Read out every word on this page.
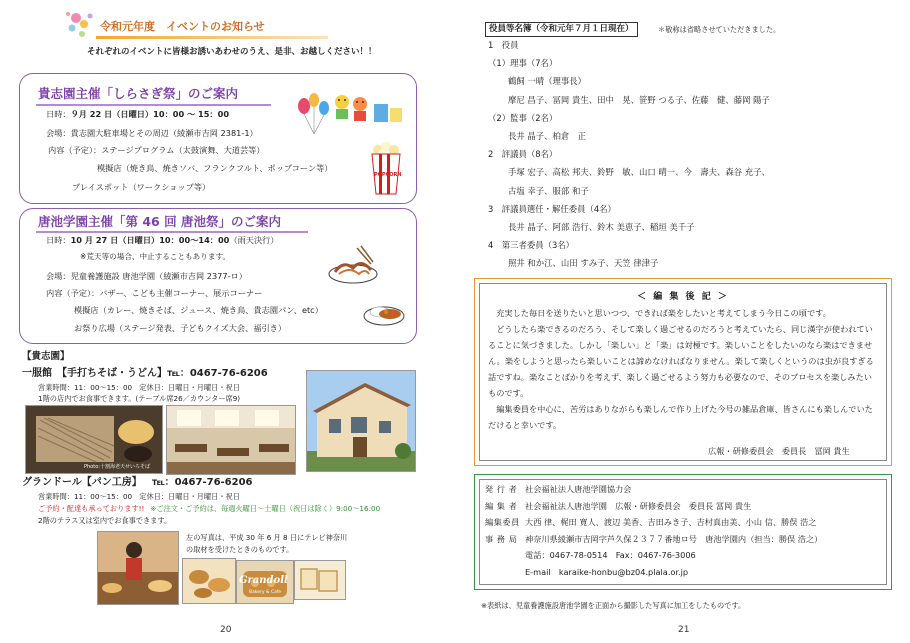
令和元年度　イベントのお知らせ
それぞれのイベントに皆様お誘いあわせのうえ、是非、お越しください！！
貴志園主催「しらさぎ祭」のご案内
日時：９月 22 日（日曜日）10：00 ～ 15：00
会場：貴志園大駐車場とその周辺（綾瀬市吉岡 2381-1）
内容（予定）：ステージプログラム（太鼓演舞、大道芸等）
模擬店（焼き鳥、焼きソバ、フランクフルト、ポップコーン等）
プレイスポット（ワークショップ等）
POPCORN
唐池学園主催「第 46 回 唐池祭」のご案内
日時：10 月 27 日（日曜日）10：00～14：00（雨天決行）
※荒天等の場合、中止することもあります。
会場：児童養護施設 唐池学園（綾瀬市吉岡 2377-ロ）
内容（予定）：バザー、こども主催コーナー、展示コーナー
模擬店（カレー、焼きそば、ジュース、焼き鳥、貴志園パン、etc）
お祭り広場（ステージ発表、子どもクイズ大会、福引き）
【貴志園】
一服館　【手打ちそば・うどん】℡：0467-76-6206
営業時間：11：00～15：00　定休日：日曜日・月曜日・祝日
1階の店内でお食事できます。(テーブル席26／カウンター席9)
Photo:十割海老天せいろそば
グランドール【パン工房】 ℡：0467-76-6206
営業時間：11：00～15：00　定休日：日曜日・月曜日・祝日
ご予約・配達も承っております!! ※ご注文・ご予約は、毎週火曜日～土曜日（祝日は除く）9:00～16:00
2階のテラス又は室内でお食事できます。
左の写真は、平成 30 年 6 月 8 日にテレビ神奈川
の取材を受けたときのものです。
Grandoll
Bakery & Cafe
20
役員等名簿（令和元年７月１日現在）	＊敬称は省略させていただきました。
1　役員
（1）理事（7名）
鶴飼 一晴（理事長）
摩尼 昌子、冨岡 貴生、田中　晃、笹野 つる子、佐藤　健、藤岡 陽子
（2）監事（2名）
長井 晶子、柏倉　正
2　評議員（8名）
手塚 宏子、高松 邦夫、鈴野　敏、山口 晴一、今　壽夫、森谷 充子、
古塩 幸子、服部 和子
3　評議員選任・解任委員（4名）
長井 晶子、阿部 浩行、鈴木 美恵子、稲垣 美千子
4　第三者委員（3名）
照井 和か江、山田 すみ子、天笠 律津子
＜ 編 集 後 記 ＞

充実した毎日を送りたいと思いつつ、できれば楽をしたいと考えてしまう今日この頃です。

どうしたら楽できるのだろう、そして楽しく過ごせるのだろうと考えていたら、同じ漢字が使われていることに気づきました。しかし「楽しい」と「楽」は対極です。楽しいことをしたいのなら楽はできません。楽をしようと思ったら楽しいことは諦めなければなりません。楽して楽しくというのは虫が良すぎる話ですね。楽なことばかりを考えず、楽しく過ごせるよう努力も必要なので、そのプロセスを楽しみたいものです。

編集委員を中心に、苦労はありながらも楽しんで作り上げた今号の雑品倉庫、皆さんにも楽しんでいただけると幸いです。

広報・研修委員会　委員長　冨岡 貴生
発 行 者 社会福祉法人唐池学園協力会
編 集 者 社会福祉法人唐池学園　広報・研修委員会　委員長 冨岡 貴生
編集委員 大西 律、梶田 寛人、渡辺 美香、吉田みき子、吉村真由美、小山 信、勝俣 浩之
事 務 局 神奈川県綾瀬市吉岡字芦久保２３７７番地ロ号　唐池学園内（担当：勝俣 浩之）
電話：0467-78-0514　Fax：0467-76-3006
E-mail　karaike-honbu@bz04.plala.or.jp
※表紙は、児童養護施設唐池学園を正面から撮影した写真に加工をしたものです。
21
